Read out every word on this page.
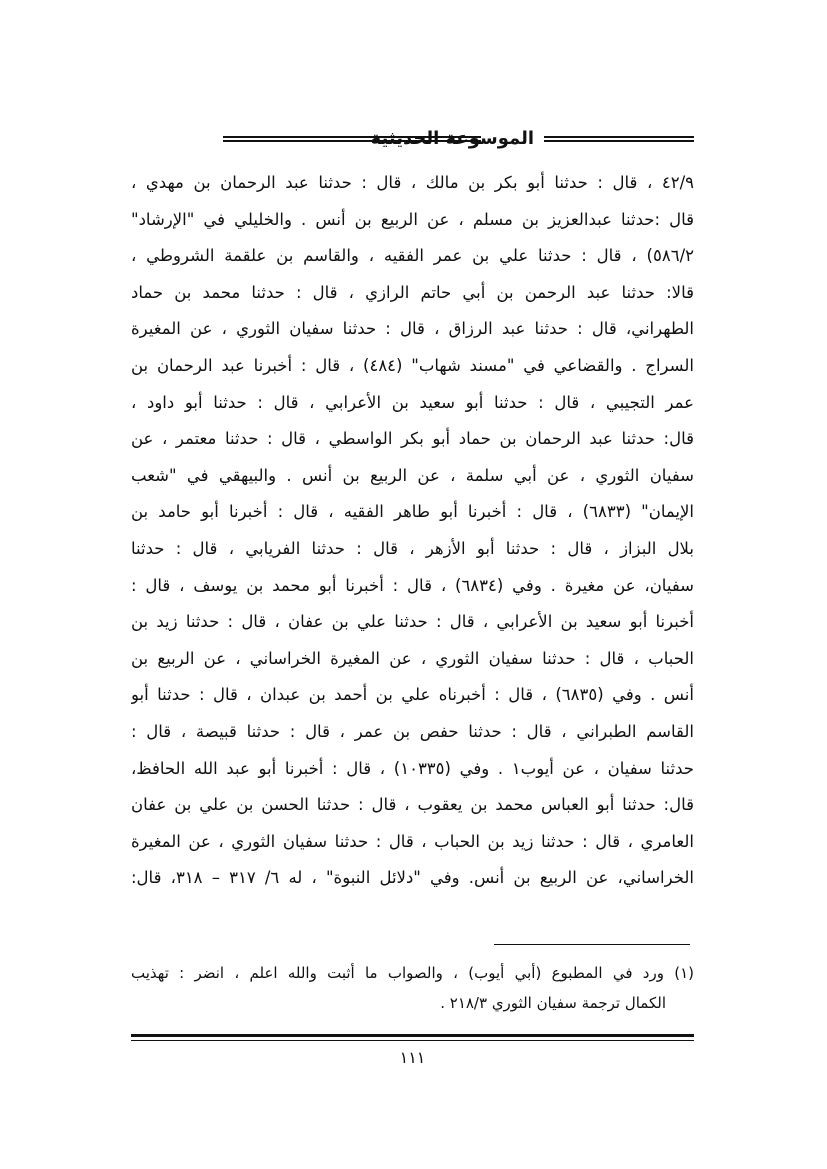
الموسوعة الحديثية
٤٢/٩ ، قال : حدثنا أبو بكر بن مالك ، قال : حدثنا عبد الرحمان بن مهدي ،
قال :حدثنا عبدالعزيز بن مسلم ، عن الربيع بن أنس . والخليلي في "الإرشاد"
٥٨٦/٢) ، قال : حدثنا علي بن عمر الفقيه ، والقاسم بن علقمة الشروطي ،
قالا: حدثنا عبد الرحمن بن أبي حاتم الرازي ، قال : حدثنا محمد بن حماد
الطهراني، قال : حدثنا عبد الرزاق ، قال : حدثنا سفيان الثوري ، عن المغيرة
السراج . والقضاعي في "مسند شهاب" (٤٨٤) ، قال : أخبرنا عبد الرحمان بن
عمر التجيبي ، قال : حدثنا أبو سعيد بن الأعرابي ، قال : حدثنا أبو داود ،
قال: حدثنا عبد الرحمان بن حماد أبو بكر الواسطي ، قال : حدثنا معتمر ، عن
سفيان الثوري ، عن أبي سلمة ، عن الربيع بن أنس . والبيهقي في "شعب
الإيمان" (٦٨٣٣) ، قال : أخبرنا أبو طاهر الفقيه ، قال : أخبرنا أبو حامد بن
بلال البزاز ، قال : حدثنا أبو الأزهر ، قال : حدثنا الفريابي ، قال : حدثنا
سفيان، عن مغيرة . وفي (٦٨٣٤) ، قال : أخبرنا أبو محمد بن يوسف ، قال :
أخبرنا أبو سعيد بن الأعرابي ، قال : حدثنا علي بن عفان ، قال : حدثنا زيد بن
الحباب ، قال : حدثنا سفيان الثوري ، عن المغيرة الخراساني ، عن الربيع بن
أنس . وفي (٦٨٣٥) ، قال : أخبرناه علي بن أحمد بن عبدان ، قال : حدثنا أبو
القاسم الطبراني ، قال : حدثنا حفص بن عمر ، قال : حدثنا قبيصة ، قال :
حدثنا سفيان ، عن أيوب١ . وفي (١٠٣٣٥) ، قال : أخبرنا أبو عبد الله الحافظ،
قال: حدثنا أبو العباس محمد بن يعقوب ، قال : حدثنا الحسن بن علي بن عفان
العامري ، قال : حدثنا زيد بن الحباب ، قال : حدثنا سفيان الثوري ، عن المغيرة
الخراساني، عن الربيع بن أنس. وفي "دلائل النبوة" ، له ٦/ ٣١٧ – ٣١٨، قال:
(١) ورد في المطبوع (أبي أيوب) ، والصواب ما أثبت والله اعلم ، انضر : تهذيب
الكمال ترجمة سفيان الثوري ٢١٨/٣ .
١١١
